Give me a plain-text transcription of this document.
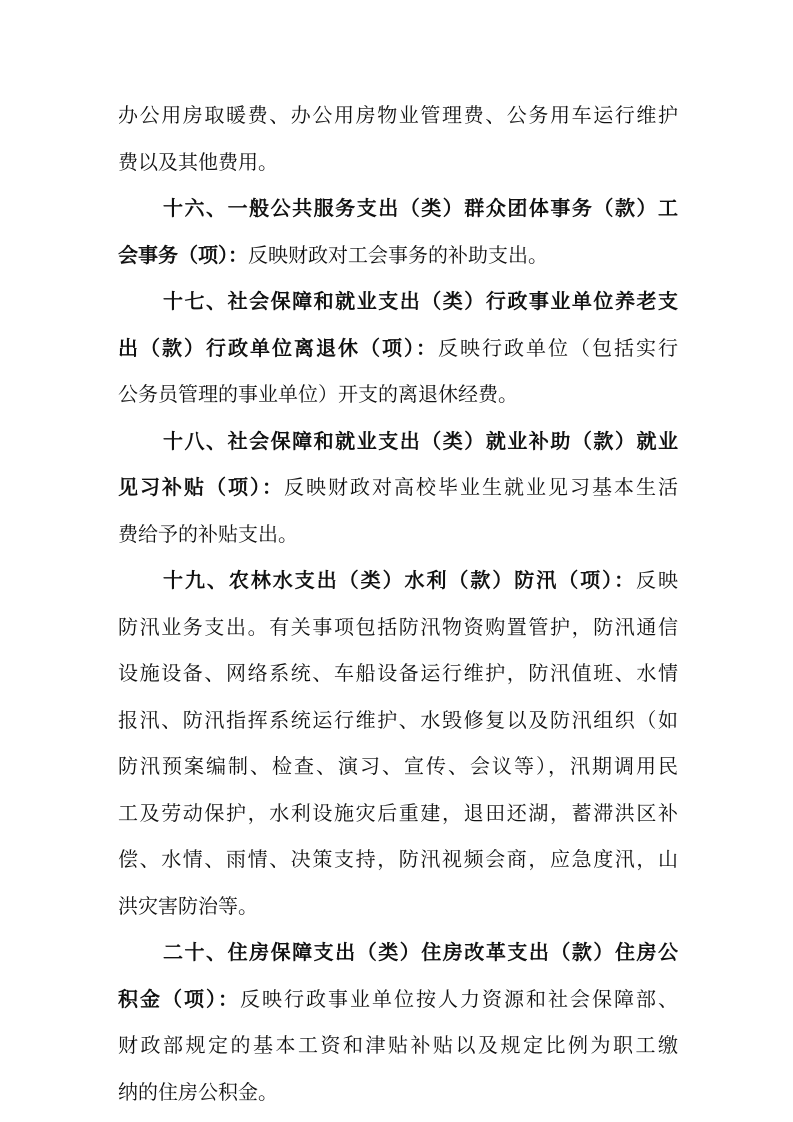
办公用房取暖费、办公用房物业管理费、公务用车运行维护
费以及其他费用。
十六、一般公共服务支出（类）群众团体事务（款）工
会事务（项）：反映财政对工会事务的补助支出。
十七、社会保障和就业支出（类）行政事业单位养老支
出（款）行政单位离退休（项）：反映行政单位（包括实行
公务员管理的事业单位）开支的离退休经费。
十八、社会保障和就业支出（类）就业补助（款）就业
见习补贴（项）：反映财政对高校毕业生就业见习基本生活
费给予的补贴支出。
十九、农林水支出（类）水利（款）防汛（项）：反映
防汛业务支出。有关事项包括防汛物资购置管护，防汛通信
设施设备、网络系统、车船设备运行维护，防汛值班、水情
报汛、防汛指挥系统运行维护、水毁修复以及防汛组织（如
防汛预案编制、检查、演习、宣传、会议等），汛期调用民
工及劳动保护，水利设施灾后重建，退田还湖，蓄滞洪区补
偿、水情、雨情、决策支持，防汛视频会商，应急度汛，山
洪灾害防治等。
二十、住房保障支出（类）住房改革支出（款）住房公
积金（项）：反映行政事业单位按人力资源和社会保障部、
财政部规定的基本工资和津贴补贴以及规定比例为职工缴
纳的住房公积金。
